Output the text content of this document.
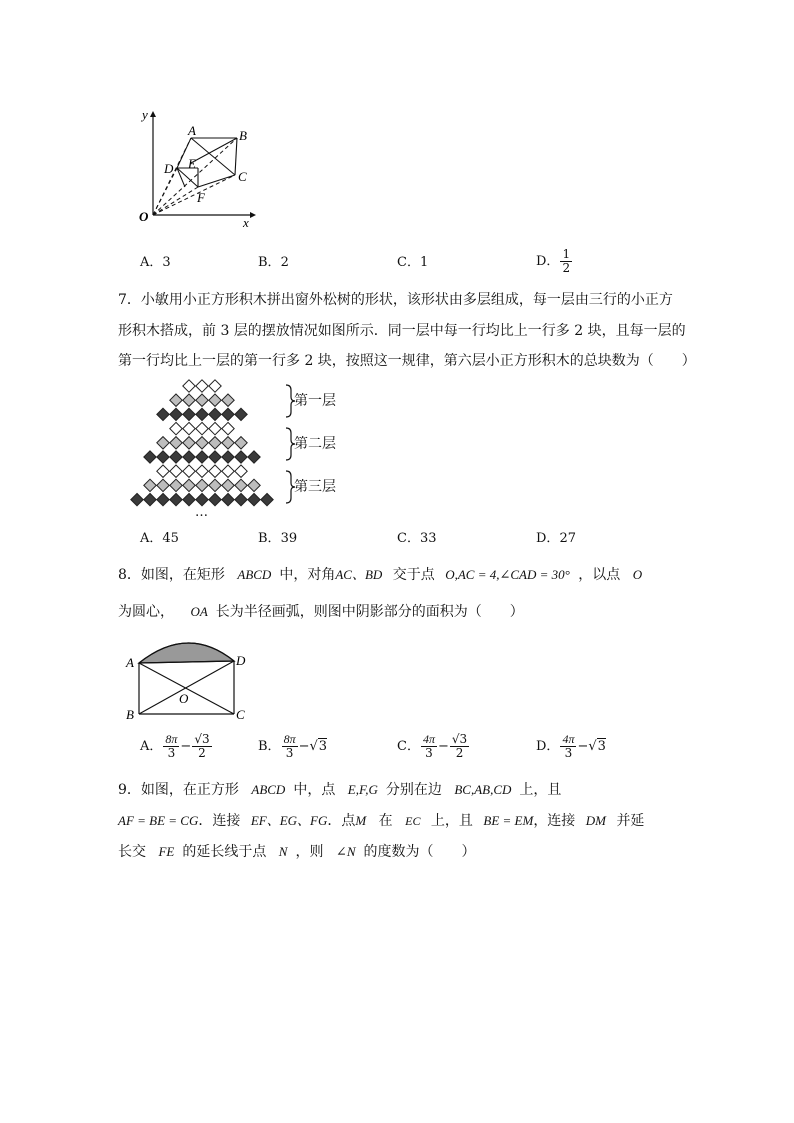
y
x
A	B
C
D E
F
O
A．3	B．2	C．1	D． $\frac{1}{2}$
7．小敏用小正方形积木拼出窗外松树的形状，该形状由多层组成，每一层由三行的小正方
形积木搭成，前 3 层的摆放情况如图所示．同一层中每一行均比上一行多 2 块，且每一层的
第一行均比上一层的第一行多 2 块，按照这一规律，第六层小正方形积木的总块数为（　　）
第一层
第二层
第三层
…
A．45	B．39	C．33	D．27
8．如图，在矩形 ABCD 中，对角AC、BD 交于点 O,AC = 4,∠CAD = 30° ，以点 O
为圆心， OA 长为半径画弧，则图中阴影部分的面积为（　　）
A	D
B	C
O
A． $\frac{8\pi}{3} - \frac{√3}{2}$	B． $\frac{8\pi}{3} - √3$	C． $\frac{4\pi}{3} - \frac{√3}{2}$	D． $\frac{4\pi}{3} - √3$
9．如图，在正方形 ABCD 中，点 E,F,G 分别在边 BC,AB,CD 上，且
AF = BE = CG．连接 EF、EG、FG．点M 在 EC 上，且 BE = EM，连接 DM 并延
长交 FE 的延长线于点 N ，则 ∠N 的度数为（　　）
